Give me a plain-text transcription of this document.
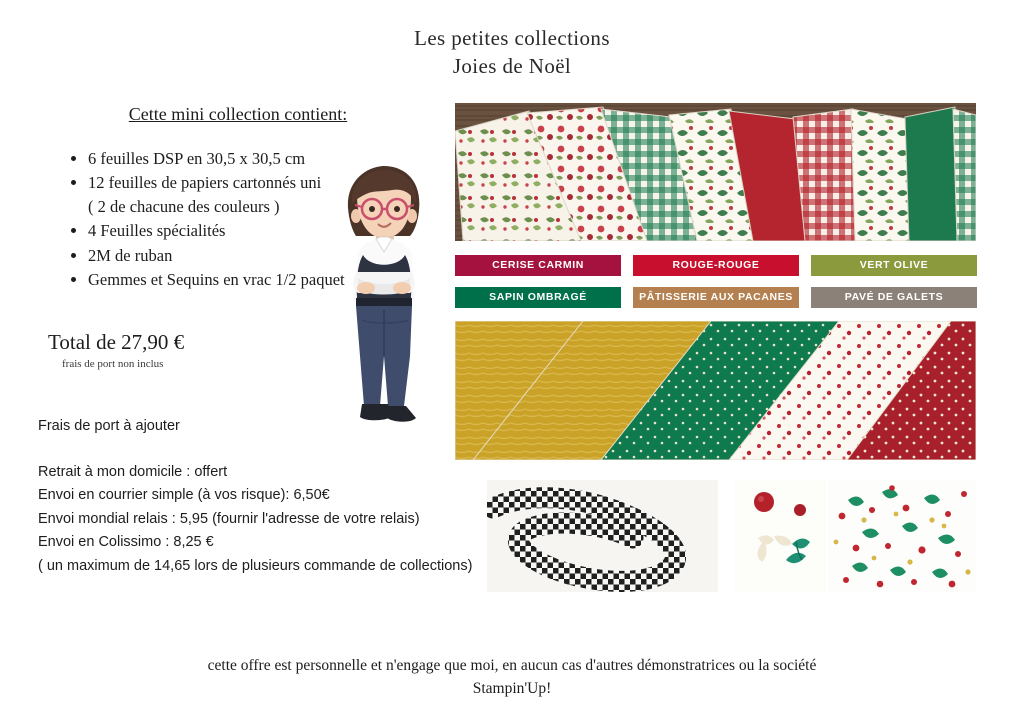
Les petites collections
Joies de Noël
Cette mini collection contient:
• 6 feuilles DSP en 30,5 x 30,5 cm
• 12 feuilles de papiers cartonnés uni
( 2 de chacune des couleurs )
• 4 Feuilles spécialités
• 2M de ruban
• Gemmes et Sequins en vrac 1/2 paquet
Total de 27,90 €
frais de port non inclus
Frais de port à ajouter
Retrait à mon domicile : offert
Envoi en courrier simple (à vos risque): 6,50€
Envoi mondial relais : 5,95 (fournir l'adresse de votre relais)
Envoi en Colissimo : 8,25 €
( un maximum de 14,65 lors de plusieurs commande de collections)
CERISE CARMIN	ROUGE-ROUGE	VERT OLIVE
SAPIN OMBRAGÉ	PÂTISSERIE AUX PACANES	PAVÉ DE GALETS
cette offre est personnelle et n'engage que moi, en aucun cas d'autres démonstratrices ou la société
Stampin'Up!
